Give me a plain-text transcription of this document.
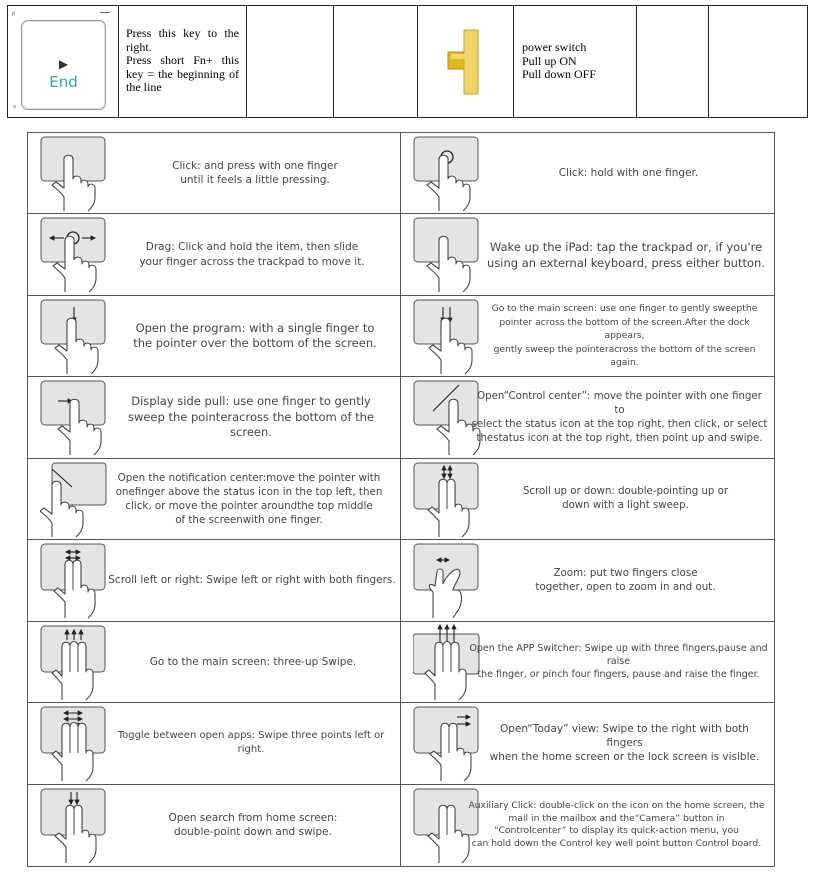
P
a
▶
End
Press this key to the right.
Press short Fn+ this key = the beginning of the line
power switch
Pull up ON
Pull down OFF
Click: and press with one finger
until it feels a little pressing.
Click: hold with one finger.
Drag: Click and hold the item, then slide
your finger across the trackpad to move it.
Wake up the iPad: tap the trackpad or, if you're
using an external keyboard, press either button.
Open the program: with a single finger to
the pointer over the bottom of the screen.
Go to the main screen: use one finger to gently sweepthe
pointer across the bottom of the screen.After the dock appears,
gently sweep the pointeracross the bottom of the screen again.
Display side pull: use one finger to gently
sweep the pointeracross the bottom of the screen.
Open“Control center”: move the pointer with one finger to
select the status icon at the top right, then click, or select
thestatus icon at the top right, then point up and swipe.
Open the notification center:move the pointer with
onefinger above the status icon in the top left, then
click, or move the pointer aroundthe top middle
of the screenwith one finger.
Scroll up or down: double-pointing up or
down with a light sweep.
Scroll left or right: Swipe left or right with both fingers.
Zoom: put two fingers close
together, open to zoom in and out.
Go to the main screen: three-up Swipe.
Open the APP Switcher: Swipe up with three fingers,pause and raise
the finger, or pinch four fingers, pause and raise the finger.
Toggle between open apps: Swipe three points left or right.
Open“Today” view: Swipe to the right with both fingers
when the home screen or the lock screen is visible.
Open search from home screen:
double-point down and swipe.
Auxiliary Click: double-click on the icon on the home screen, the
mail in the mailbox and the“Camera” button in
“Controlcenter” to display its quick-action menu, you
can hold down the Control key well point button Control board.
